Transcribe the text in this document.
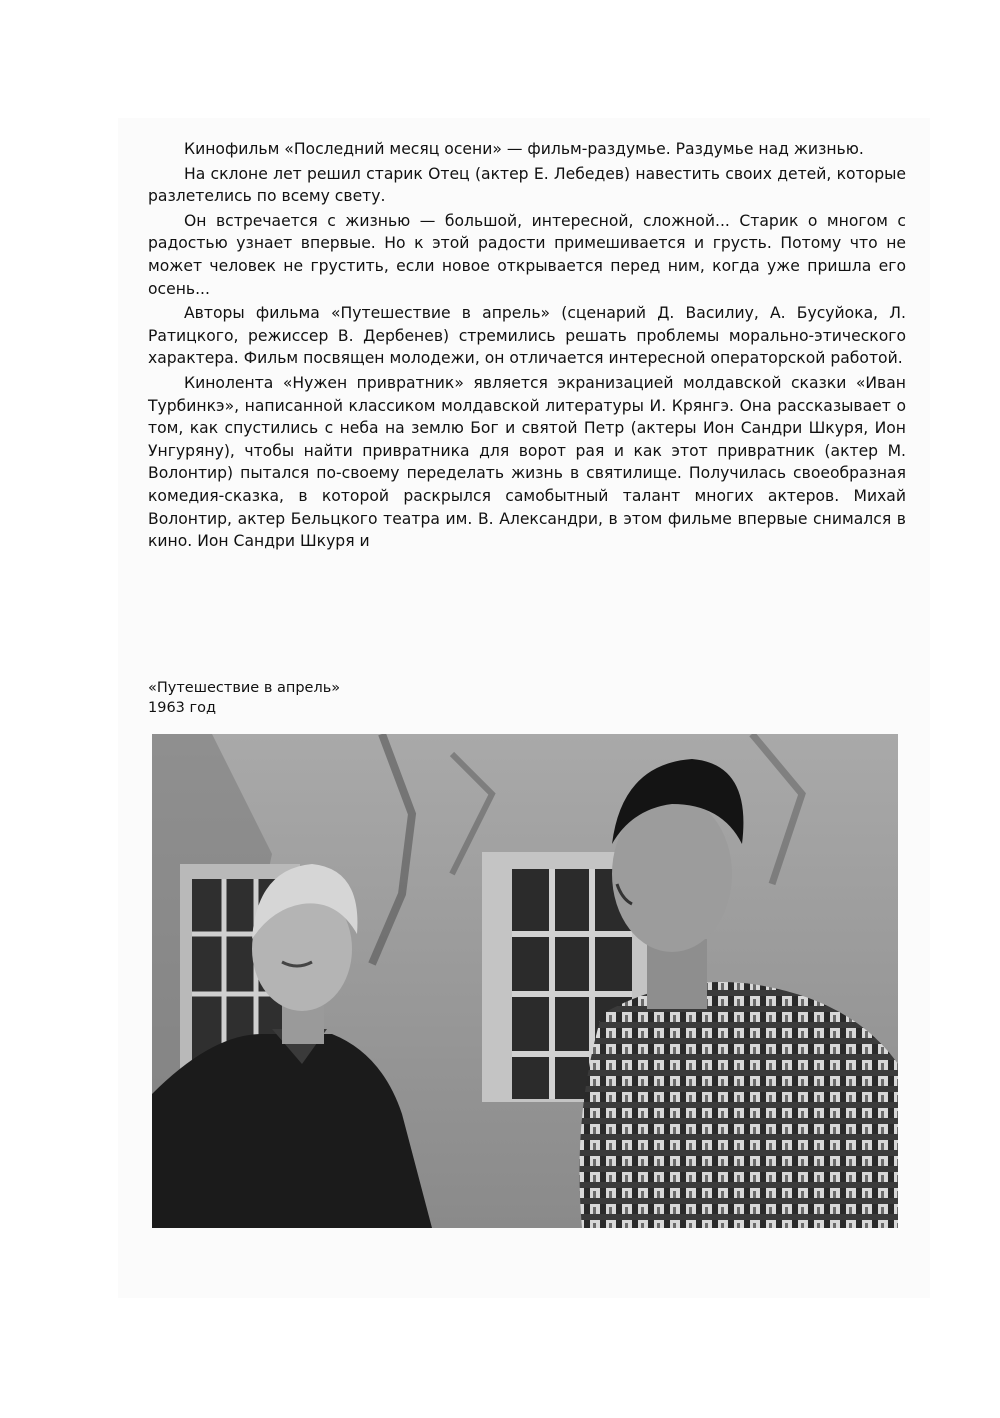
Кинофильм «Последний месяц осени» — фильм-раздумье. Раздумье над жизнью.

На склоне лет решил старик Отец (актер Е. Лебедев) навестить своих детей, которые разлетелись по всему свету.

Он встречается с жизнью — большой, интересной, сложной... Старик о многом с радостью узнает впервые. Но к этой радости примешивается и грусть. Потому что не может человек не грустить, если новое открывается перед ним, когда уже пришла его осень...

Авторы фильма «Путешествие в апрель» (сценарий Д. Василиу, А. Бусуйока, Л. Ратицкого, режиссер В. Дербенев) стремились решать проблемы морально-этического характера. Фильм посвящен молодежи, он отличается интересной операторской работой.

Кинолента «Нужен привратник» является экранизацией молдавской сказки «Иван Турбинкэ», написанной классиком молдавской литературы И. Крянгэ. Она рассказывает о том, как спустились с неба на землю Бог и святой Петр (актеры Ион Сандри Шкуря, Ион Унгуряну), чтобы найти привратника для ворот рая и как этот привратник (актер М. Волонтир) пытался по-своему переделать жизнь в святилище. Получилась своеобразная комедия-сказка, в которой раскрылся самобытный талант многих актеров. Михай Волонтир, актер Бельцкого театра им. В. Александри, в этом фильме впервые снимался в кино. Ион Сандри Шкуря и

«Путешествие в апрель»
1963 год
